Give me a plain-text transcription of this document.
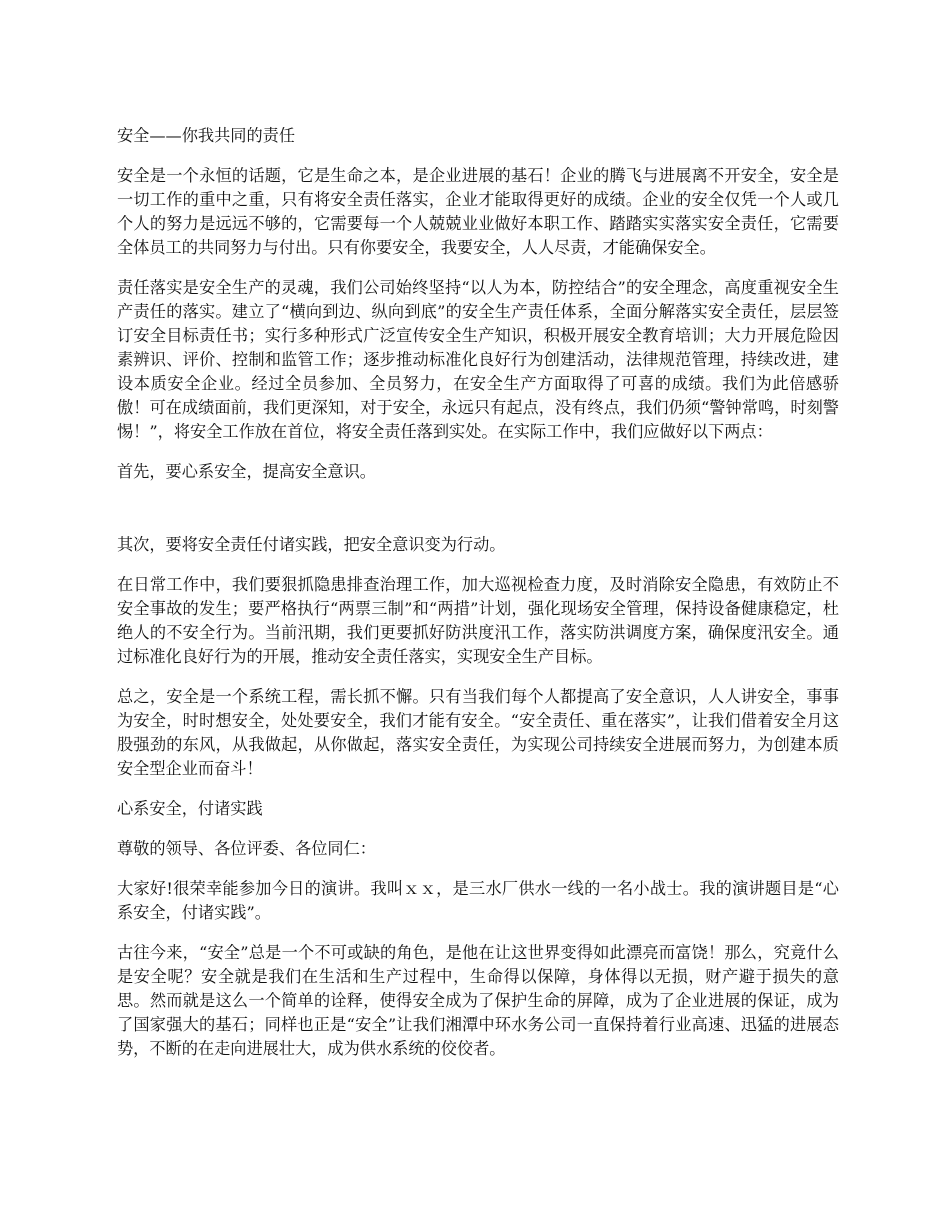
安全——你我共同的责任

安全是一个永恒的话题，它是生命之本，是企业进展的基石！企业的腾飞与进展离不开安全，安全是一切工作的重中之重，只有将安全责任落实，企业才能取得更好的成绩。企业的安全仅凭一个人或几个人的努力是远远不够的，它需要每一个人兢兢业业做好本职工作、踏踏实实落实安全责任，它需要全体员工的共同努力与付出。只有你要安全，我要安全，人人尽责，才能确保安全。

责任落实是安全生产的灵魂，我们公司始终坚持“以人为本，防控结合”的安全理念，高度重视安全生产责任的落实。建立了“横向到边、纵向到底”的安全生产责任体系，全面分解落实安全责任，层层签订安全目标责任书；实行多种形式广泛宣传安全生产知识，积极开展安全教育培训；大力开展危险因素辨识、评价、控制和监管工作；逐步推动标准化良好行为创建活动，法律规范管理，持续改进，建设本质安全企业。经过全员参加、全员努力，在安全生产方面取得了可喜的成绩。我们为此倍感骄傲！可在成绩面前，我们更深知，对于安全，永远只有起点，没有终点，我们仍须“警钟常鸣，时刻警惕！”，将安全工作放在首位，将安全责任落到实处。在实际工作中，我们应做好以下两点：

首先，要心系安全，提高安全意识。

其次，要将安全责任付诸实践，把安全意识变为行动。

在日常工作中，我们要狠抓隐患排查治理工作，加大巡视检查力度，及时消除安全隐患，有效防止不安全事故的发生；要严格执行“两票三制”和“两措”计划，强化现场安全管理，保持设备健康稳定，杜绝人的不安全行为。当前汛期，我们更要抓好防洪度汛工作，落实防洪调度方案，确保度汛安全。通过标准化良好行为的开展，推动安全责任落实，实现安全生产目标。

总之，安全是一个系统工程，需长抓不懈。只有当我们每个人都提高了安全意识，人人讲安全，事事为安全，时时想安全，处处要安全，我们才能有安全。“安全责任、重在落实”，让我们借着安全月这股强劲的东风，从我做起，从你做起，落实安全责任，为实现公司持续安全进展而努力，为创建本质安全型企业而奋斗！

心系安全，付诸实践

尊敬的领导、各位评委、各位同仁：

大家好!很荣幸能参加今日的演讲。我叫ｘｘ，是三水厂供水一线的一名小战士。我的演讲题目是“心系安全，付诸实践”。

古往今来，“安全”总是一个不可或缺的角色，是他在让这世界变得如此漂亮而富饶！那么，究竟什么是安全呢？安全就是我们在生活和生产过程中，生命得以保障，身体得以无损，财产避于损失的意思。然而就是这么一个简单的诠释，使得安全成为了保护生命的屏障，成为了企业进展的保证，成为了国家强大的基石；同样也正是“安全”让我们湘潭中环水务公司一直保持着行业高速、迅猛的进展态势，不断的在走向进展壮大，成为供水系统的佼佼者。
